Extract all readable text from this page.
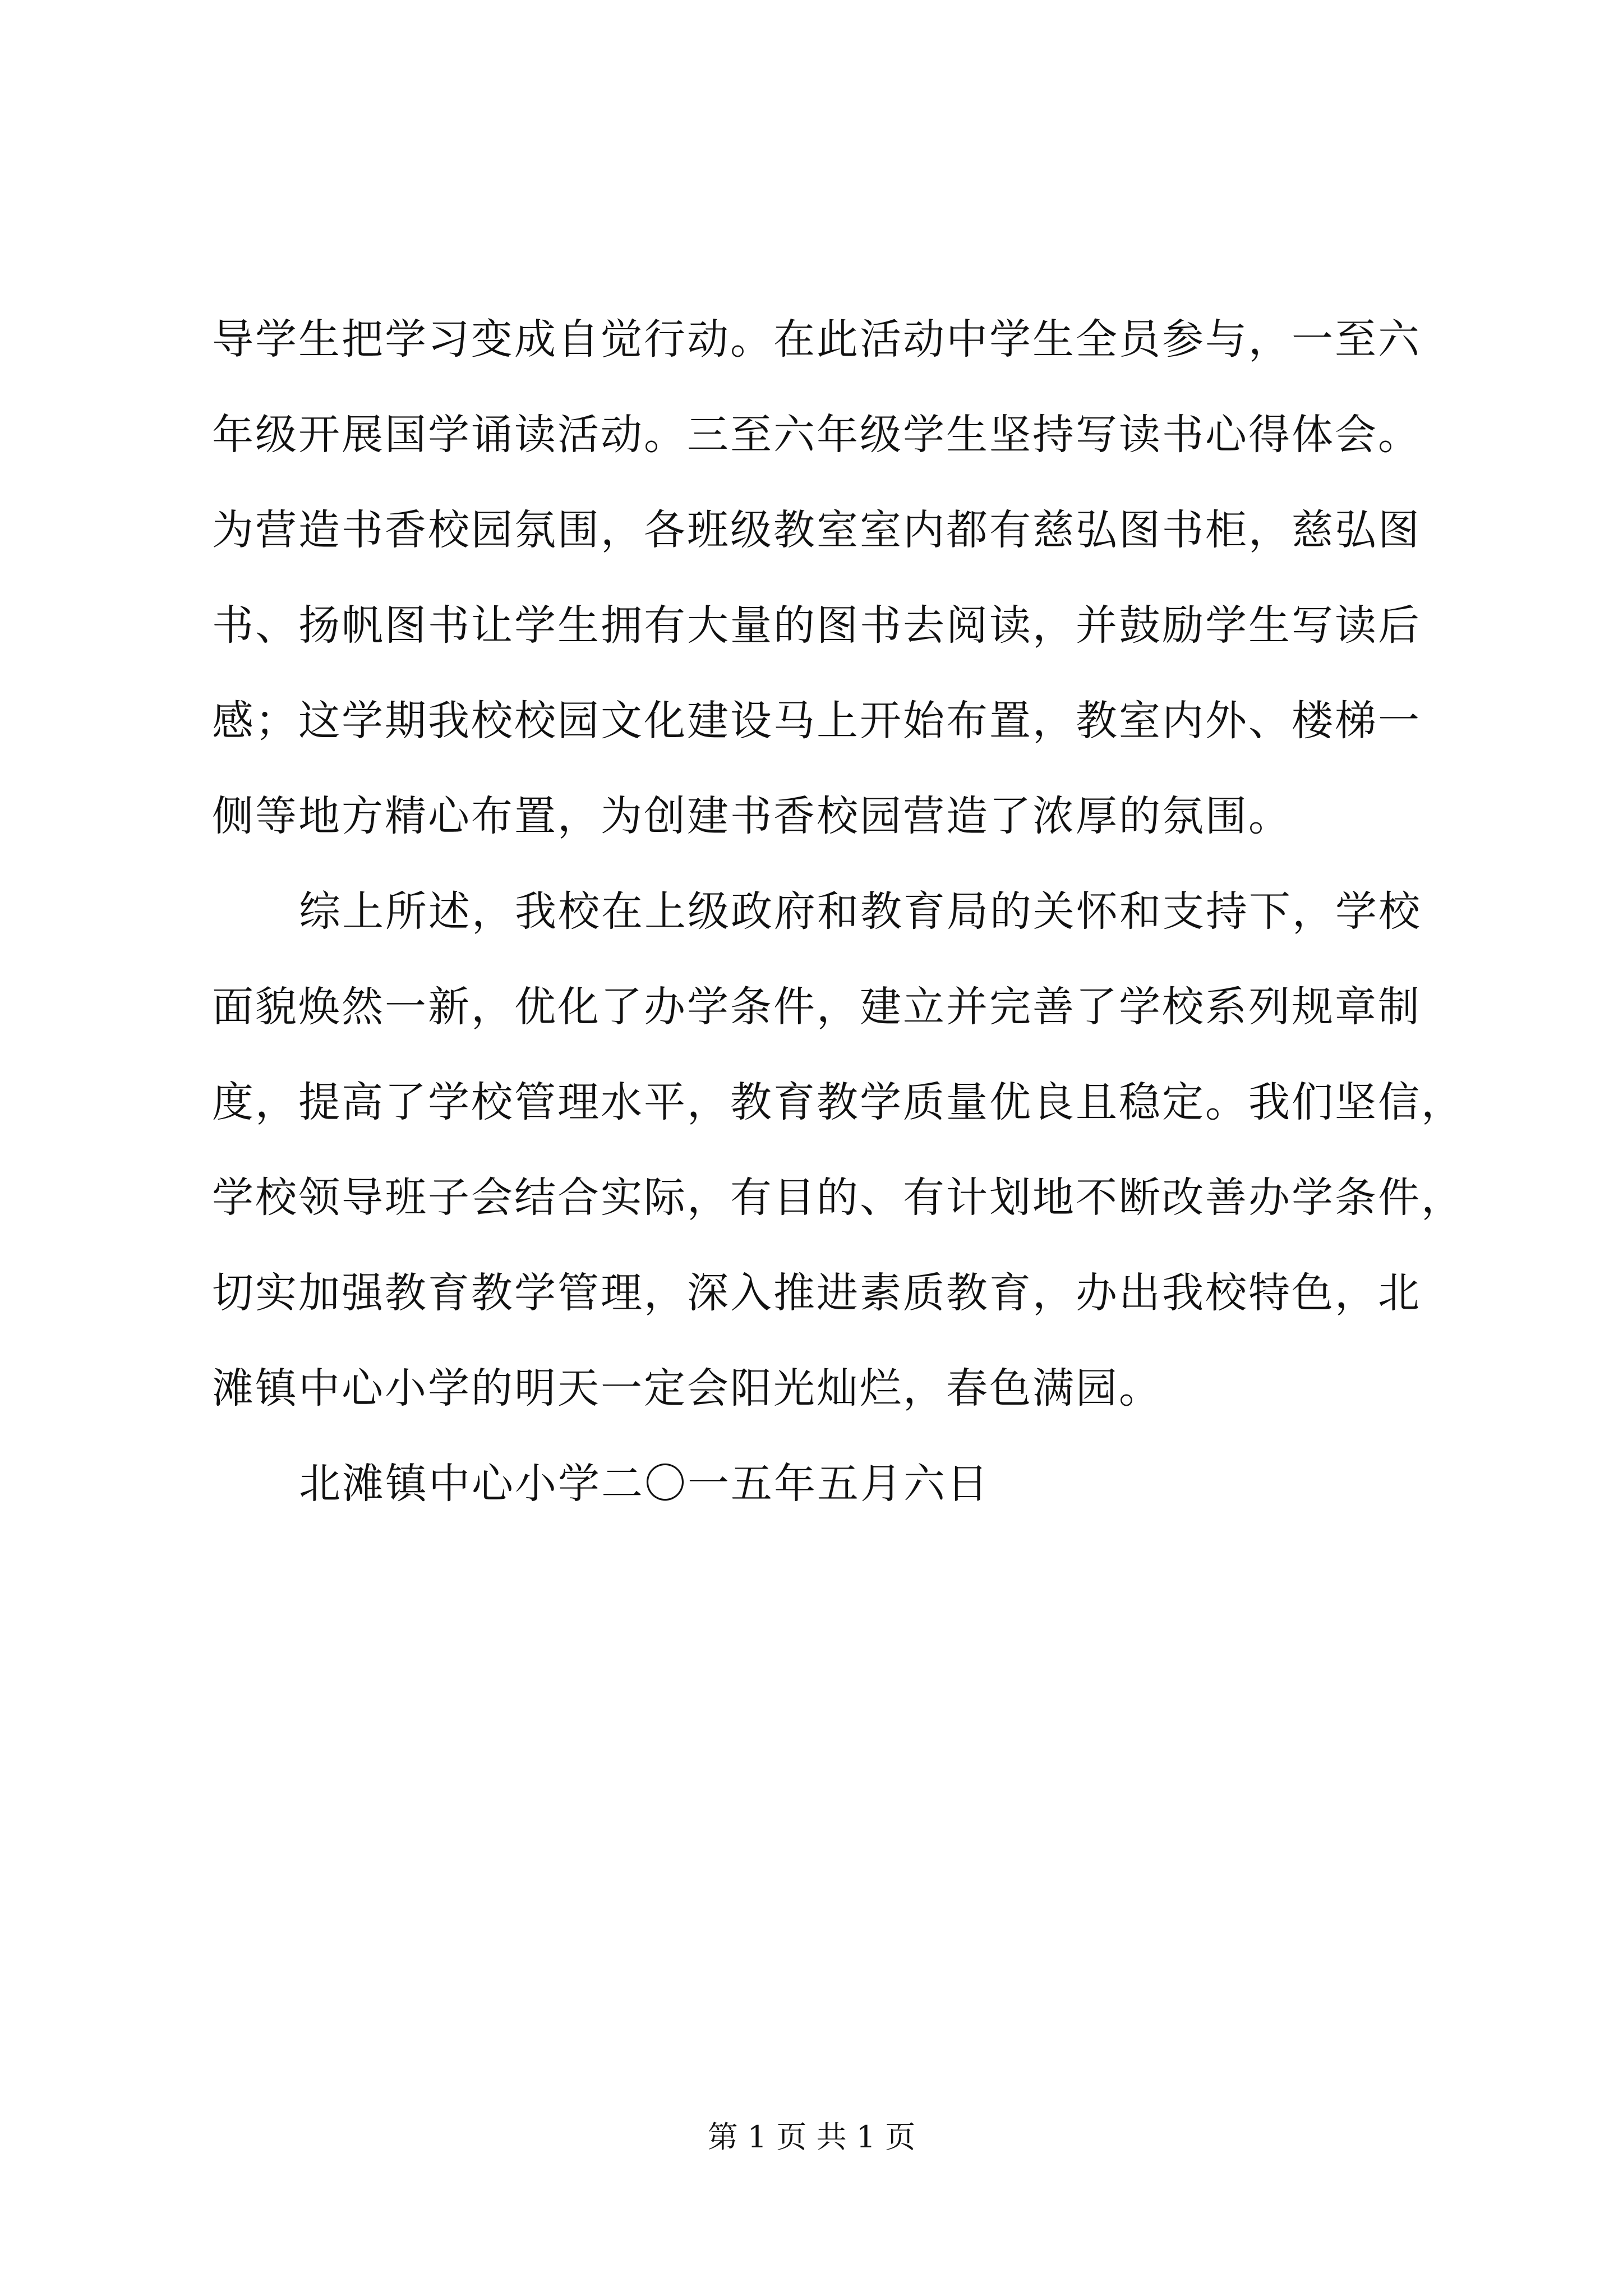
导学生把学习变成自觉行动。在此活动中学生全员参与，一至六
年级开展国学诵读活动。三至六年级学生坚持写读书心得体会。
为营造书香校园氛围，各班级教室室内都有慈弘图书柜，慈弘图
书、扬帆图书让学生拥有大量的图书去阅读，并鼓励学生写读后
感；这学期我校校园文化建设马上开始布置，教室内外、楼梯一
侧等地方精心布置，为创建书香校园营造了浓厚的氛围。
综上所述，我校在上级政府和教育局的关怀和支持下，学校
面貌焕然一新，优化了办学条件，建立并完善了学校系列规章制
度，提高了学校管理水平，教育教学质量优良且稳定。我们坚信，
学校领导班子会结合实际，有目的、有计划地不断改善办学条件，
切实加强教育教学管理，深入推进素质教育，办出我校特色，北
滩镇中心小学的明天一定会阳光灿烂，春色满园。
北滩镇中心小学二〇一五年五月六日
第 1 页 共 1 页
